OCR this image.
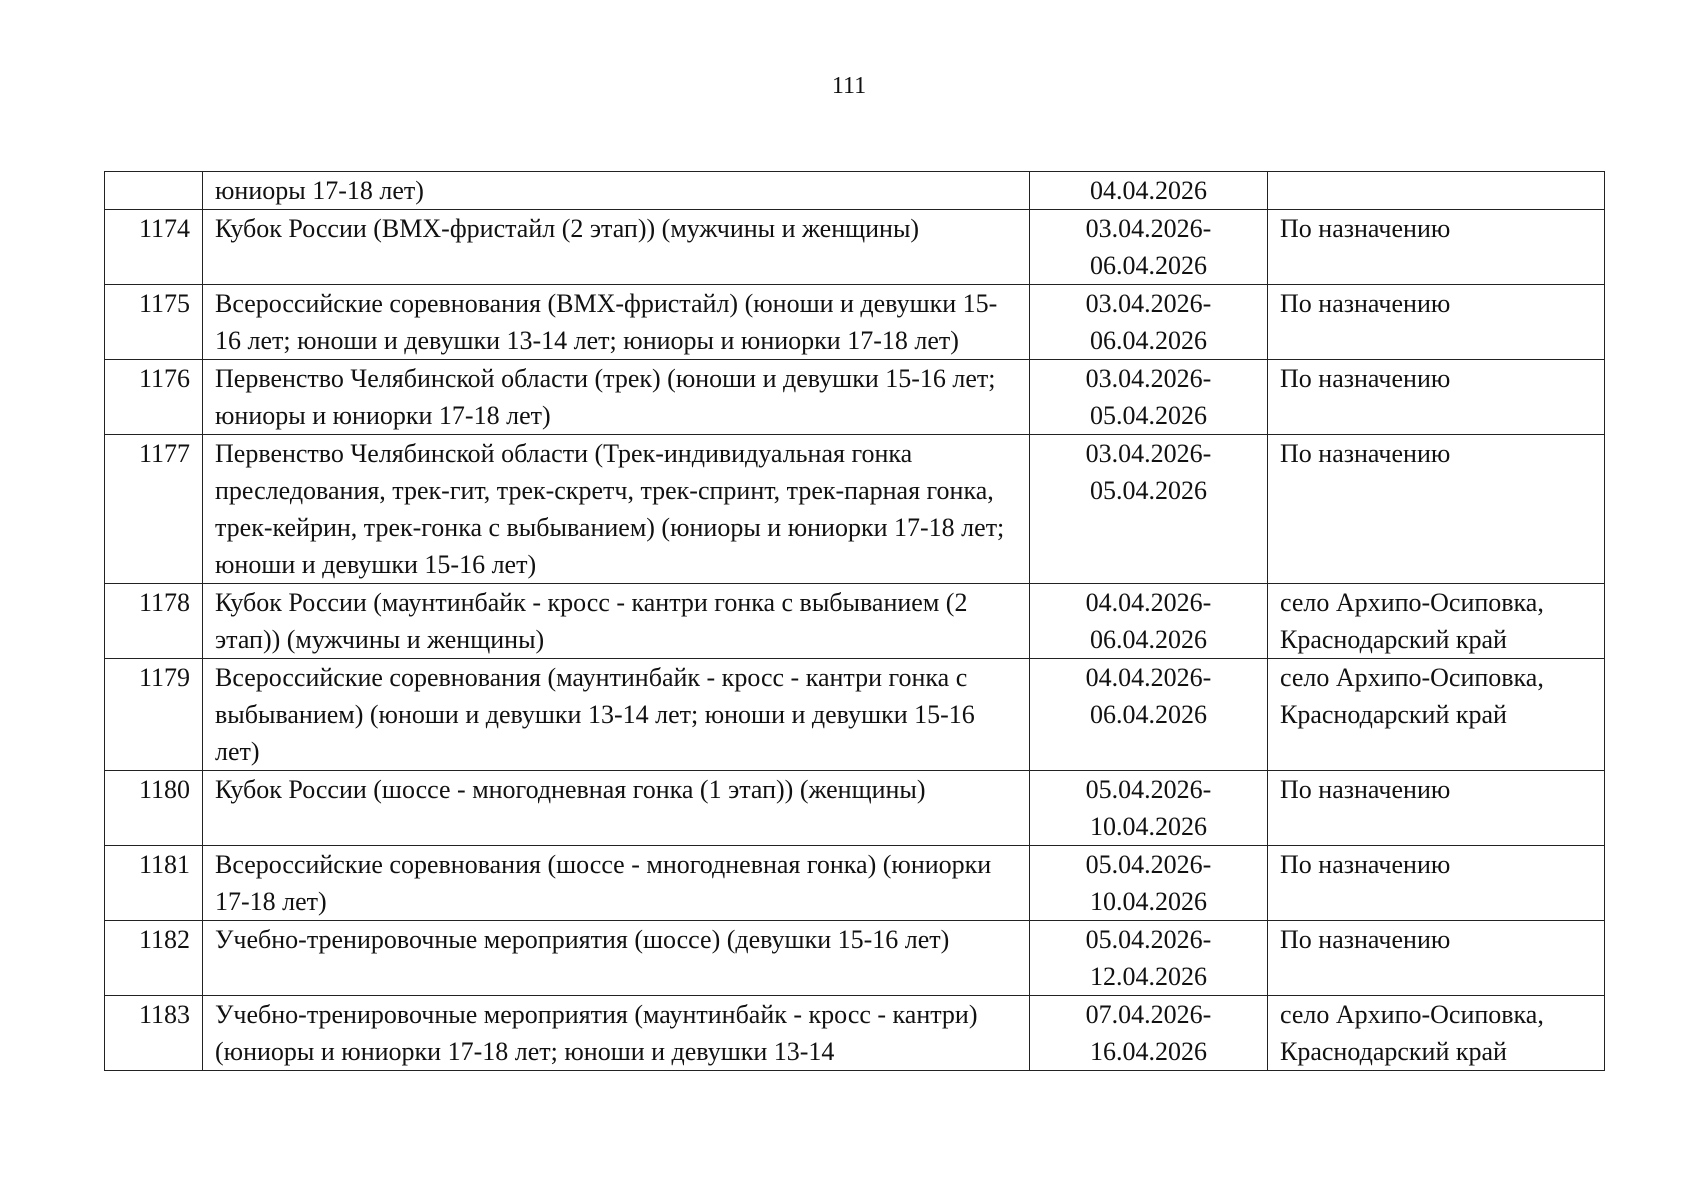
111
	юниоры 17-18 лет)	04.04.2026	

1174	Кубок России (BMX-фристайл (2 этап)) (мужчины и женщины)	03.04.2026-
06.04.2026	По назначению

1175	Всероссийские соревнования (BMX-фристайл) (юноши и девушки 15-16 лет; юноши и девушки 13-14 лет; юниоры и юниорки 17-18 лет)	03.04.2026-
06.04.2026	По назначению

1176	Первенство Челябинской области (трек) (юноши и девушки 15-16 лет; юниоры и юниорки 17-18 лет)	03.04.2026-
05.04.2026	По назначению

1177	Первенство Челябинской области (Трек-индивидуальная гонка преследования, трек-гит, трек-скретч, трек-спринт, трек-парная гонка, трек-кейрин, трек-гонка с выбыванием) (юниоры и юниорки 17-18 лет; юноши и девушки 15-16 лет)	03.04.2026-
05.04.2026	По назначению

1178	Кубок России (маунтинбайк - кросс - кантри гонка с выбыванием (2 этап)) (мужчины и женщины)	04.04.2026-
06.04.2026	село Архипо-Осиповка,
Краснодарский край

1179	Всероссийские соревнования (маунтинбайк - кросс - кантри гонка с выбыванием) (юноши и девушки 13-14 лет; юноши и девушки 15-16 лет)	04.04.2026-
06.04.2026	село Архипо-Осиповка,
Краснодарский край

1180	Кубок России (шоссе - многодневная гонка (1 этап)) (женщины)	05.04.2026-
10.04.2026	По назначению

1181	Всероссийские соревнования (шоссе - многодневная гонка) (юниорки 17-18 лет)	05.04.2026-
10.04.2026	По назначению

1182	Учебно-тренировочные мероприятия (шоссе) (девушки 15-16 лет)	05.04.2026-
12.04.2026	По назначению

1183	Учебно-тренировочные мероприятия (маунтинбайк - кросс - кантри) (юниоры и юниорки 17-18 лет; юноши и девушки 13-14	07.04.2026-
16.04.2026	село Архипо-Осиповка,
Краснодарский край
